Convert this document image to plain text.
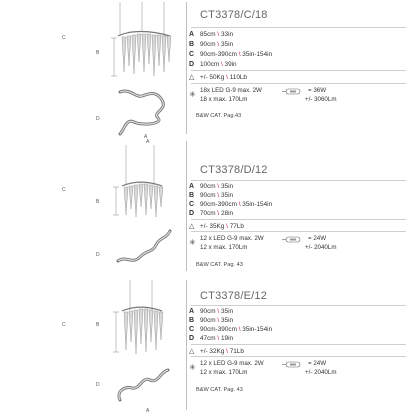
C
B
D
A
CT3378/C/18
A 85cm \ 33in
B 90cm \ 35in
C 90cm-390cm \ 35in-154in
D 100cm \ 39in
△ +/- 50Kg \ 110Lb
✳ 18x LED G-9 max. 2W
18 x max. 170Lm
= 36W
+/- 3060Lm
B&W CAT. Pag.43
C
B
D
A
CT3378/D/12
A 90cm \ 35in
B 90cm \ 35in
C 90cm-390cm \ 35in-154in
D 70cm \ 28in
△ +/- 35Kg \ 77Lb
✳ 12 x LED G-9 max. 2W
12 x max. 170Lm
= 24W
+/- 2040Lm
B&W CAT. Pag. 43
C	B
D
A
CT3378/E/12
A 90cm \ 35in
B 90cm \ 35in
C 90cm-390cm \ 35in-154in
D 47cm \ 19in
△ +/- 32Kg \ 71Lb
✳ 12 x LED G-9 max. 2W
12 x max. 170Lm
= 24W
+/- 2040Lm
B&W CAT. Pag. 43
